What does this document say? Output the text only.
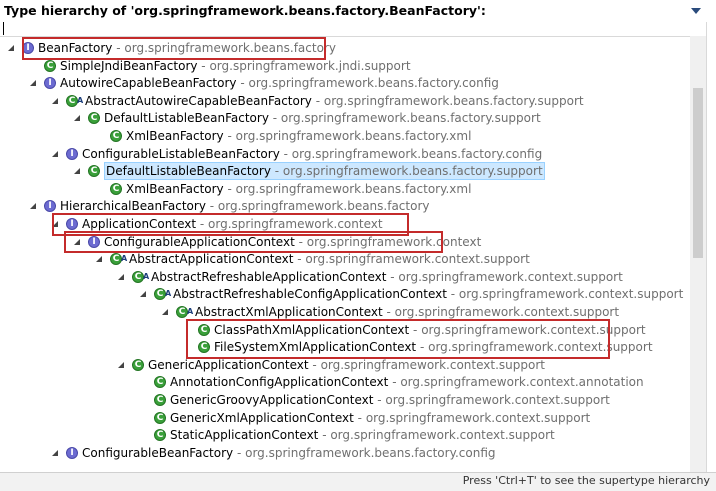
Type hierarchy of 'org.springframework.beans.factory.BeanFactory':
I
BeanFactory - org.springframework.beans.factory
C
SimpleJndiBeanFactory - org.springframework.jndi.support
I
AutowireCapableBeanFactory - org.springframework.beans.factory.config
C
A AbstractAutowireCapableBeanFactory - org.springframework.beans.factory.support
C
DefaultListableBeanFactory - org.springframework.beans.factory.support
C
XmlBeanFactory - org.springframework.beans.factory.xml
I
ConfigurableListableBeanFactory - org.springframework.beans.factory.config
C
DefaultListableBeanFactory - org.springframework.beans.factory.support
C
XmlBeanFactory - org.springframework.beans.factory.xml
I
HierarchicalBeanFactory - org.springframework.beans.factory
I
ApplicationContext - org.springframework.context
I
ConfigurableApplicationContext - org.springframework.context
C
A AbstractApplicationContext - org.springframework.context.support
C
A AbstractRefreshableApplicationContext - org.springframework.context.support
C
A AbstractRefreshableConfigApplicationContext - org.springframework.context.support
C
A AbstractXmlApplicationContext - org.springframework.context.support
C
ClassPathXmlApplicationContext - org.springframework.context.support
C
FileSystemXmlApplicationContext - org.springframework.context.support
C
GenericApplicationContext - org.springframework.context.support
C
AnnotationConfigApplicationContext - org.springframework.context.annotation
C
GenericGroovyApplicationContext - org.springframework.context.support
C
GenericXmlApplicationContext - org.springframework.context.support
C
StaticApplicationContext - org.springframework.context.support
I
ConfigurableBeanFactory - org.springframework.beans.factory.config
Press 'Ctrl+T' to see the supertype hierarchy
